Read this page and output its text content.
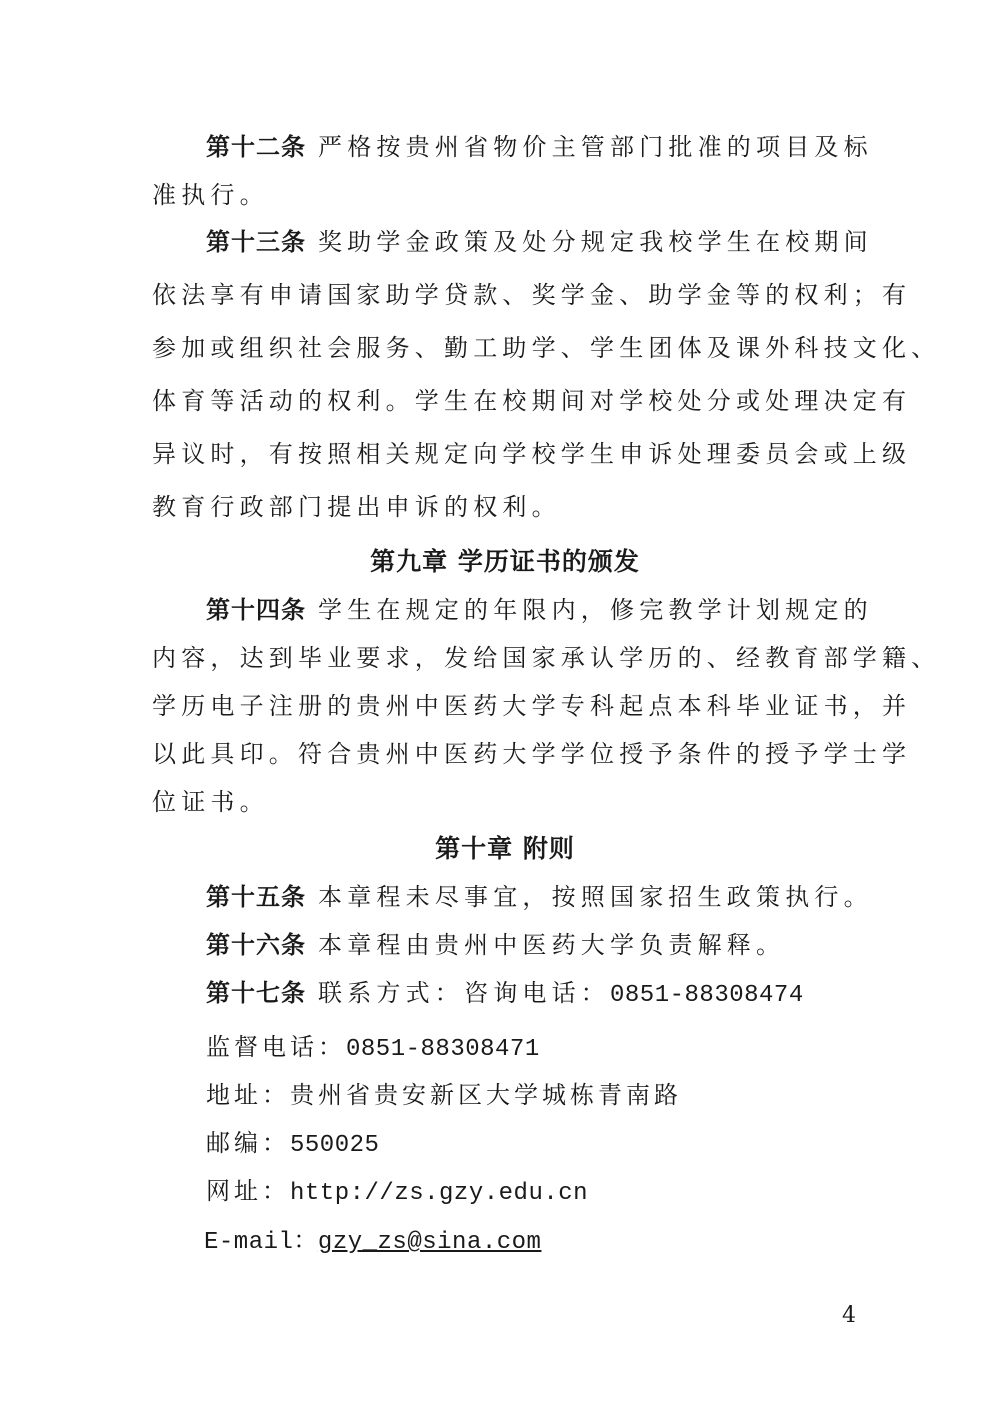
第十二条 严格按贵州省物价主管部门批准的项目及标
准执行。
第十三条 奖助学金政策及处分规定我校学生在校期间
依法享有申请国家助学贷款、奖学金、助学金等的权利；有
参加或组织社会服务、勤工助学、学生团体及课外科技文化、
体育等活动的权利。学生在校期间对学校处分或处理决定有
异议时，有按照相关规定向学校学生申诉处理委员会或上级
教育行政部门提出申诉的权利。
第九章 学历证书的颁发
第十四条 学生在规定的年限内，修完教学计划规定的
内容，达到毕业要求，发给国家承认学历的、经教育部学籍、
学历电子注册的贵州中医药大学专科起点本科毕业证书，并
以此具印。符合贵州中医药大学学位授予条件的授予学士学
位证书。
第十章 附则
第十五条 本章程未尽事宜，按照国家招生政策执行。
第十六条 本章程由贵州中医药大学负责解释。
第十七条 联系方式：咨询电话：0851-88308474
监督电话：0851-88308471
地址：贵州省贵安新区大学城栋青南路
邮编：550025
网址：http://zs.gzy.edu.cn
E-mail：gzy_zs@sina.com
4
